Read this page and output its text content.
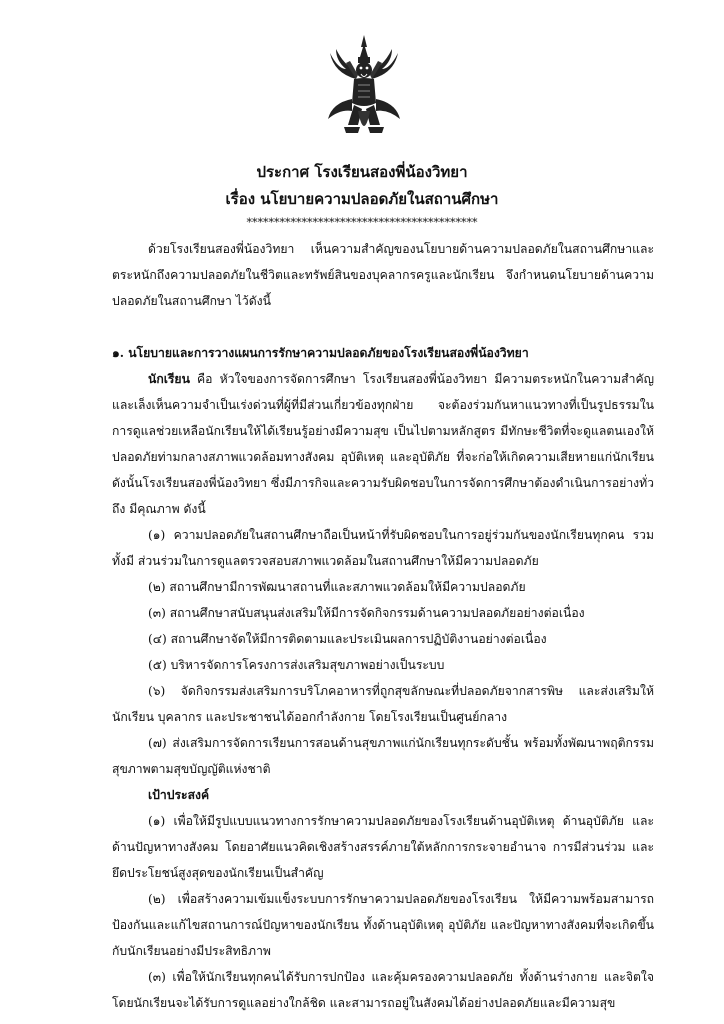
ประกาศ โรงเรียนสองพี่น้องวิทยา
เรื่อง นโยบายความปลอดภัยในสถานศึกษา
******************************************

ด้วยโรงเรียนสองพี่น้องวิทยา เห็นความสำคัญของนโยบายด้านความปลอดภัยในสถานศึกษาและตระหนักถึงความปลอดภัยในชีวิตและทรัพย์สินของบุคลากรครูและนักเรียน จึงกำหนดนโยบายด้านความปลอดภัยในสถานศึกษา ไว้ดังนี้

๑. นโยบายและการวางแผนการรักษาความปลอดภัยของโรงเรียนสองพี่น้องวิทยา

นักเรียน คือ หัวใจของการจัดการศึกษา โรงเรียนสองพี่น้องวิทยา มีความตระหนักในความสำคัญและเล็งเห็นความจำเป็นเร่งด่วนที่ผู้ที่มีส่วนเกี่ยวข้องทุกฝ่าย จะต้องร่วมกันหาแนวทางที่เป็นรูปธรรมในการดูแลช่วยเหลือนักเรียนให้ได้เรียนรู้อย่างมีความสุข เป็นไปตามหลักสูตร มีทักษะชีวิตที่จะดูแลตนเองให้ปลอดภัยท่ามกลางสภาพแวดล้อมทางสังคม อุบัติเหตุ และอุบัติภัย ที่จะก่อให้เกิดความเสียหายแก่นักเรียน ดังนั้นโรงเรียนสองพี่น้องวิทยา ซึ่งมีภารกิจและความรับผิดชอบในการจัดการศึกษาต้องดำเนินการอย่างทั่วถึง มีคุณภาพ ดังนี้

(๑) ความปลอดภัยในสถานศึกษาถือเป็นหน้าที่รับผิดชอบในการอยู่ร่วมกันของนักเรียนทุกคน รวมทั้งมี ส่วนร่วมในการดูแลตรวจสอบสภาพแวดล้อมในสถานศึกษาให้มีความปลอดภัย

(๒) สถานศึกษามีการพัฒนาสถานที่และสภาพแวดล้อมให้มีความปลอดภัย

(๓) สถานศึกษาสนับสนุนส่งเสริมให้มีการจัดกิจกรรมด้านความปลอดภัยอย่างต่อเนื่อง

(๔) สถานศึกษาจัดให้มีการติดตามและประเมินผลการปฏิบัติงานอย่างต่อเนื่อง

(๕) บริหารจัดการโครงการส่งเสริมสุขภาพอย่างเป็นระบบ

(๖) จัดกิจกรรมส่งเสริมการบริโภคอาหารที่ถูกสุขลักษณะที่ปลอดภัยจากสารพิษ และส่งเสริมให้นักเรียน บุคลากร และประชาชนได้ออกกำลังกาย โดยโรงเรียนเป็นศูนย์กลาง

(๗) ส่งเสริมการจัดการเรียนการสอนด้านสุขภาพแก่นักเรียนทุกระดับชั้น พร้อมทั้งพัฒนาพฤติกรรมสุขภาพตามสุขบัญญัติแห่งชาติ

เป้าประสงค์

(๑) เพื่อให้มีรูปแบบแนวทางการรักษาความปลอดภัยของโรงเรียนด้านอุบัติเหตุ ด้านอุบัติภัย และด้านปัญหาทางสังคม โดยอาศัยแนวคิดเชิงสร้างสรรค์ภายใต้หลักการกระจายอำนาจ การมีส่วนร่วม และยึดประโยชน์สูงสุดของนักเรียนเป็นสำคัญ

(๒) เพื่อสร้างความเข้มแข็งระบบการรักษาความปลอดภัยของโรงเรียน ให้มีความพร้อมสามารถป้องกันและแก้ไขสถานการณ์ปัญหาของนักเรียน ทั้งด้านอุบัติเหตุ อุบัติภัย และปัญหาทางสังคมที่จะเกิดขึ้นกับนักเรียนอย่างมีประสิทธิภาพ

(๓) เพื่อให้นักเรียนทุกคนได้รับการปกป้อง และคุ้มครองความปลอดภัย ทั้งด้านร่างกาย และจิตใจ โดยนักเรียนจะได้รับการดูแลอย่างใกล้ชิด และสามารถอยู่ในสังคมได้อย่างปลอดภัยและมีความสุข
